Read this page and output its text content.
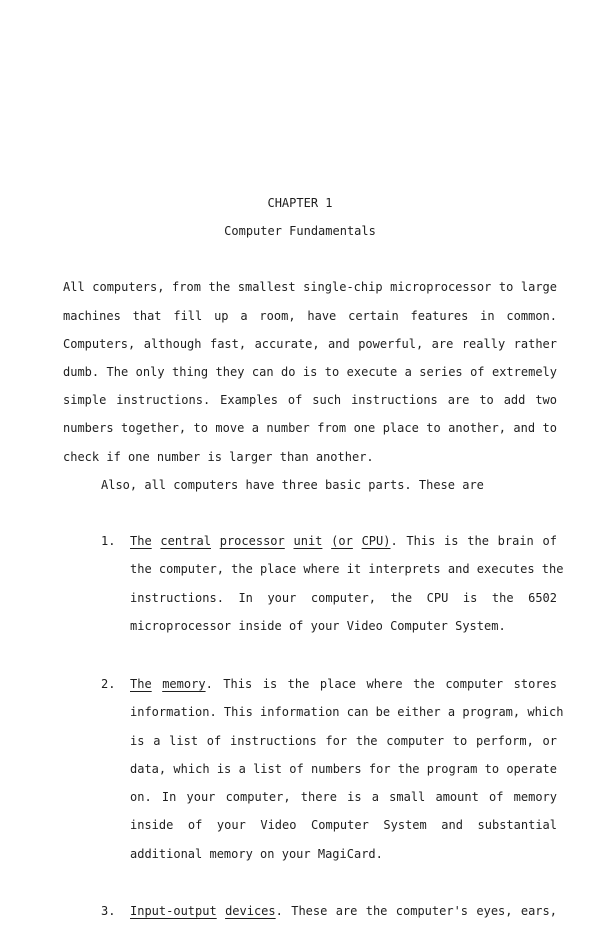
CHAPTER 1
Computer Fundamentals
All computers, from the smallest single-chip microprocessor to large
machines that fill up a room, have certain features in common.
Computers, although fast, accurate, and powerful, are really rather
dumb. The only thing they can do is to execute a series of extremely
simple instructions. Examples of such instructions are to add two
numbers together, to move a number from one place to another, and to
check if one number is larger than another.
Also, all computers have three basic parts. These are
1. The central processor unit (or CPU). This is the brain of
the computer, the place where it interprets and executes the
instructions. In your computer, the CPU is the 6502
microprocessor inside of your Video Computer System.
2. The memory. This is the place where the computer stores
information. This information can be either a program, which
is a list of instructions for the computer to perform, or
data, which is a list of numbers for the program to operate
on. In your computer, there is a small amount of memory
inside of your Video Computer System and substantial
additional memory on your MagiCard.
3. Input-output devices. These are the computer's eyes, ears,
